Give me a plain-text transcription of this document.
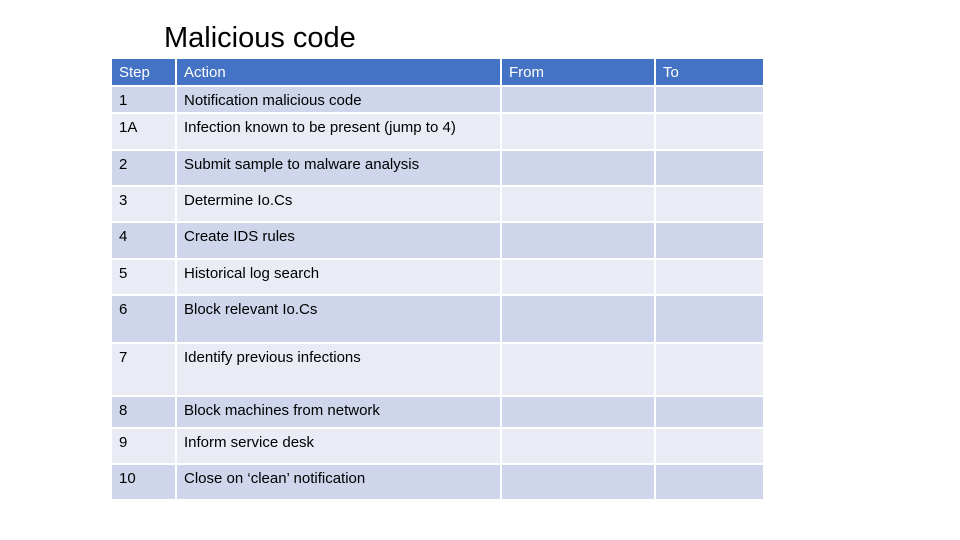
Malicious code
Step	Action	From	To
1	Notification malicious code		
1A	Infection known to be present (jump to 4)		
2	Submit sample to malware analysis		
3	Determine Io.Cs		
4	Create IDS rules		
5	Historical log search		
6	Block relevant Io.Cs		
7	Identify previous infections		
8	Block machines from network		
9	Inform service desk		
10	Close on ‘clean’ notification		
